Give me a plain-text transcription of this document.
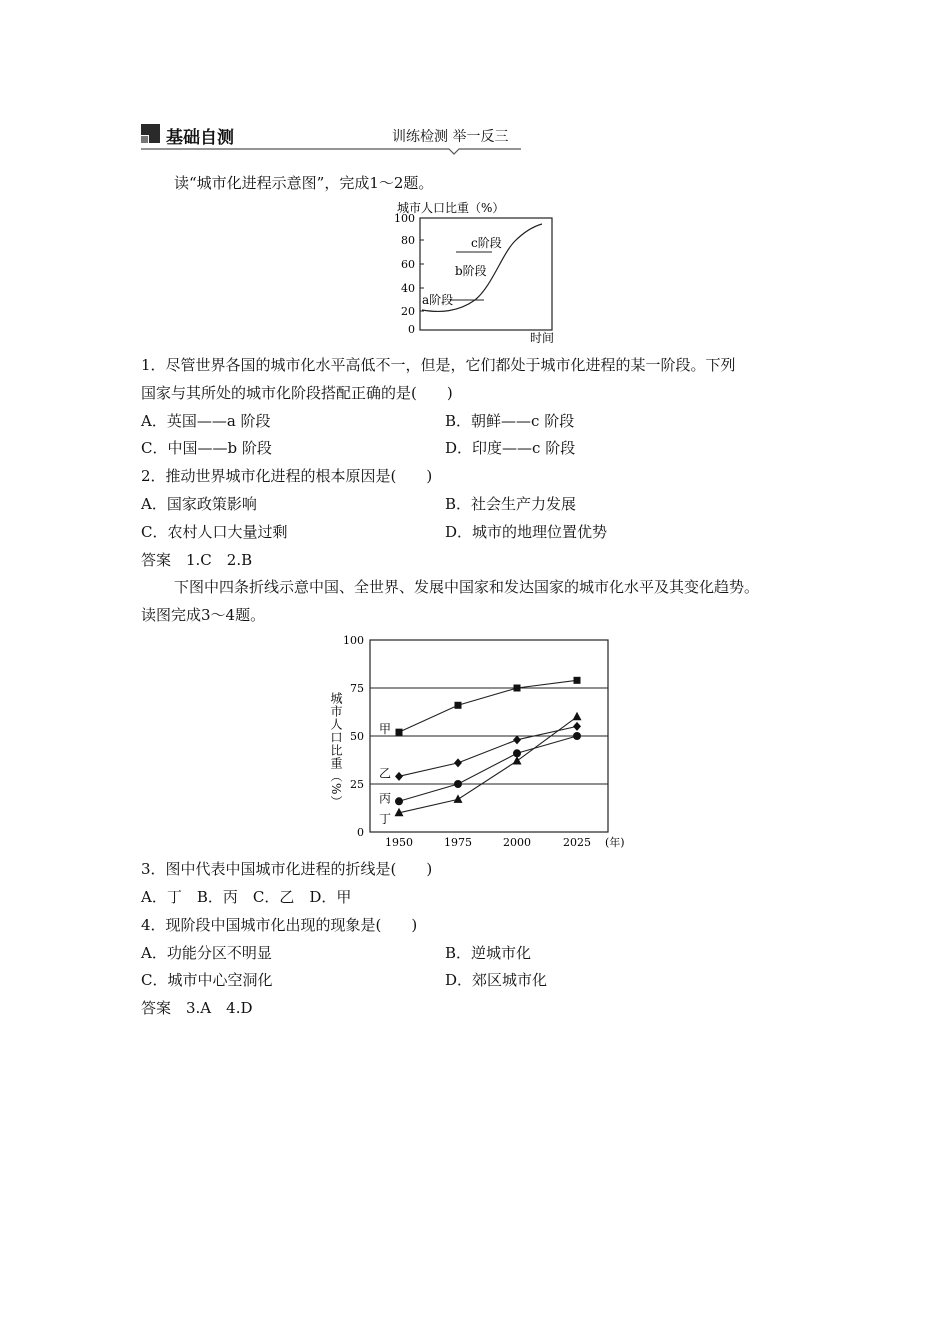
基础自测	训练检测 举一反三
读“城市化进程示意图”，完成1～2题。
城市人口比重（%）
100
80
60
40
20
0
c阶段
b阶段
a阶段
时间
1．尽管世界各国的城市化水平高低不一，但是，它们都处于城市化进程的某一阶段。下列
国家与其所处的城市化阶段搭配正确的是(　　)
A．英国——a 阶段	B．朝鲜——c 阶段
C．中国——b 阶段	D．印度——c 阶段
2．推动世界城市化进程的根本原因是(　　)
A．国家政策影响	B．社会生产力发展
C．农村人口大量过剩	D．城市的地理位置优势
答案　1.C　2.B
下图中四条折线示意中国、全世界、发展中国家和发达国家的城市化水平及其变化趋势。
读图完成3～4题。
100
75
50
25
0
1950	1975	2000	2025 (年)
城市人口比重（%）	甲
乙
丙
丁
3．图中代表中国城市化进程的折线是(　　)
A．丁　B．丙　C．乙　D．甲
4．现阶段中国城市化出现的现象是(　　)
A．功能分区不明显	B．逆城市化
C．城市中心空洞化	D．郊区城市化
答案　3.A　4.D
